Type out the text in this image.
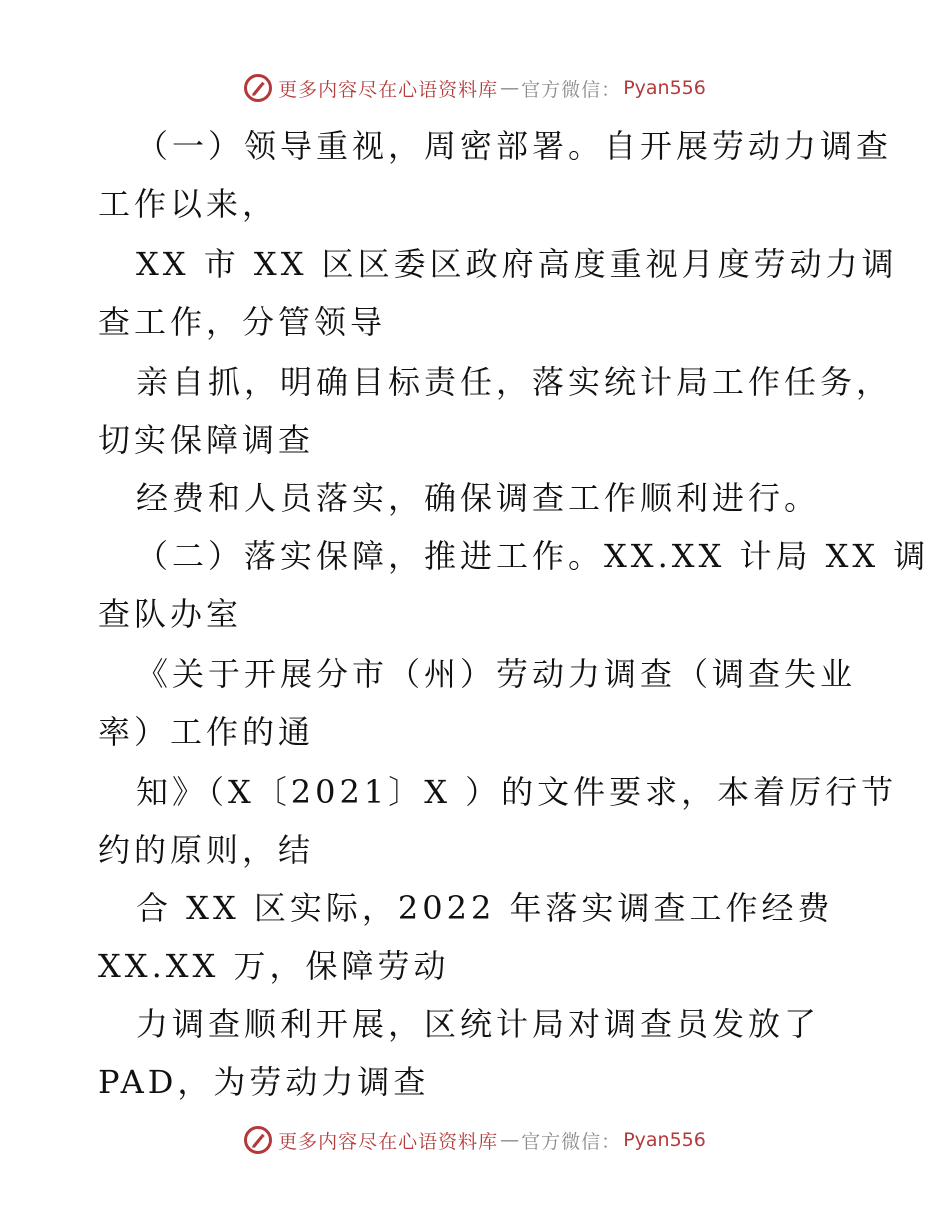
更多内容尽在心语资料库 — 官方微信： Pyan556
（一）领导重视，周密部署。自开展劳动力调查
工作以来，
XX 市 XX 区区委区政府高度重视月度劳动力调
查工作，分管领导
亲自抓，明确目标责任，落实统计局工作任务，
切实保障调查
经费和人员落实，确保调查工作顺利进行。
（二）落实保障，推进工作。XX.XX 计局 XX 调
查队办室
《关于开展分市（州）劳动力调查（调查失业
率）工作的通
知》（X〔2021〕X ）的文件要求，本着厉行节
约的原则，结
合 XX 区实际，2022 年落实调查工作经费
XX.XX 万，保障劳动
力调查顺利开展，区统计局对调查员发放了
PAD，为劳动力调查
更多内容尽在心语资料库 — 官方微信： Pyan556
